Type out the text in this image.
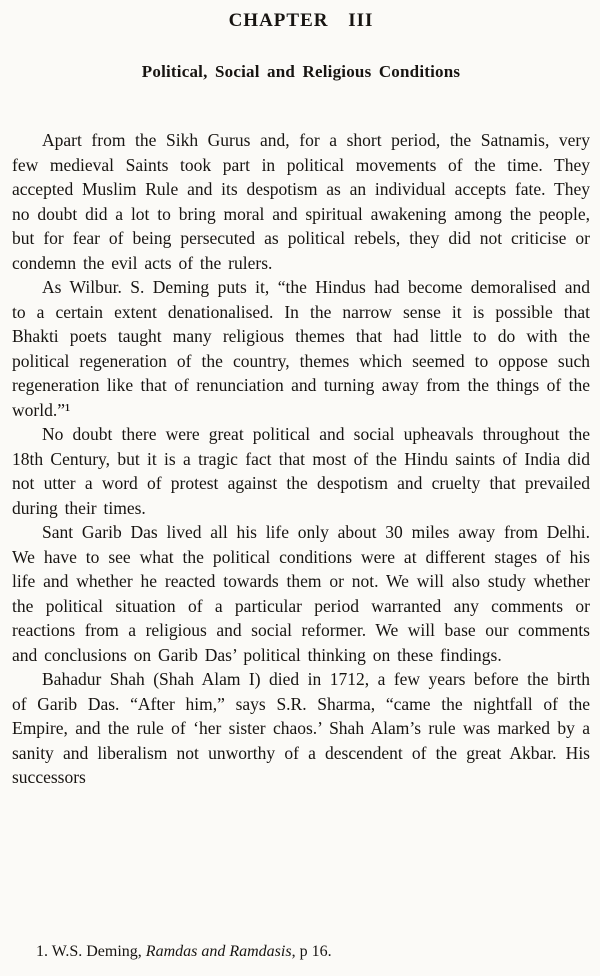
CHAPTER III
Political, Social and Religious Conditions

Apart from the Sikh Gurus and, for a short period, the Satnamis, very few medieval Saints took part in political movements of the time. They accepted Muslim Rule and its despotism as an individual accepts fate. They no doubt did a lot to bring moral and spiritual awakening among the people, but for fear of being persecuted as political rebels, they did not criticise or condemn the evil acts of the rulers.

As Wilbur. S. Deming puts it, “the Hindus had become demoralised and to a certain extent denationalised. In the narrow sense it is possible that Bhakti poets taught many religious themes that had little to do with the political regeneration of the country, themes which seemed to oppose such regeneration like that of renunciation and turning away from the things of the world.”¹

No doubt there were great political and social upheavals throughout the 18th Century, but it is a tragic fact that most of the Hindu saints of India did not utter a word of protest against the despotism and cruelty that prevailed during their times.

Sant Garib Das lived all his life only about 30 miles away from Delhi. We have to see what the political conditions were at different stages of his life and whether he reacted towards them or not. We will also study whether the political situation of a particular period warranted any comments or reactions from a religious and social reformer. We will base our comments and conclusions on Garib Das’ political thinking on these findings.

Bahadur Shah (Shah Alam I) died in 1712, a few years before the birth of Garib Das. “After him,” says S.R. Sharma, “came the nightfall of the Empire, and the rule of ‘her sister chaos.’ Shah Alam’s rule was marked by a sanity and liberalism not unworthy of a descendent of the great Akbar. His successors

1. W.S. Deming, Ramdas and Ramdasis, p 16.
